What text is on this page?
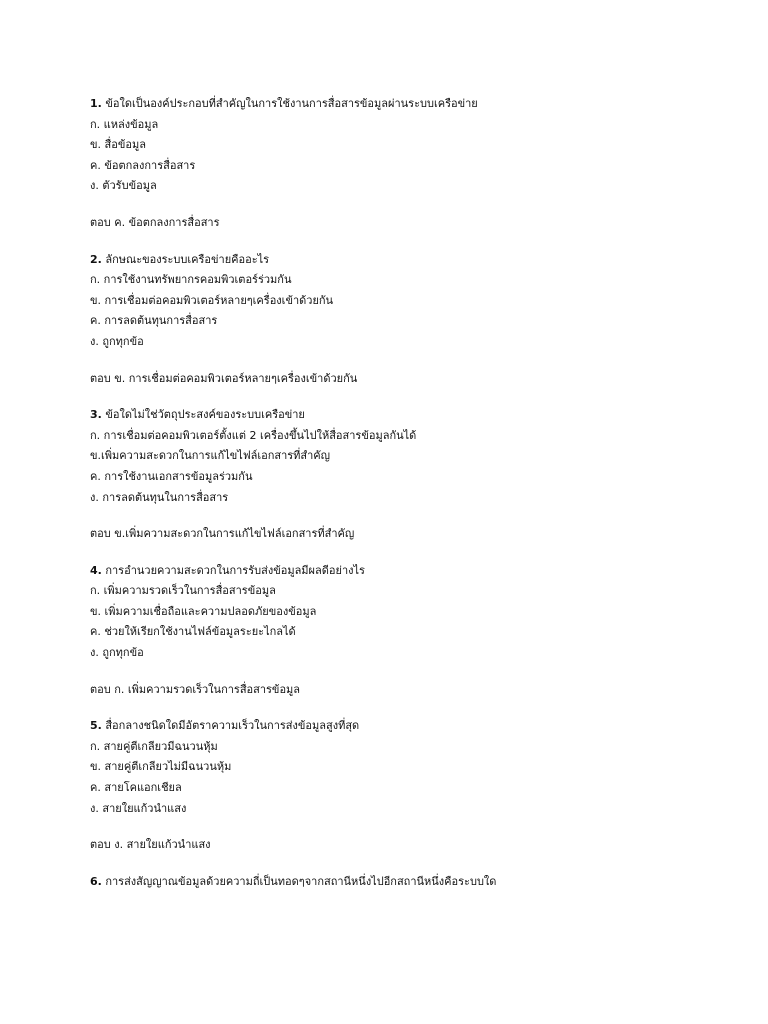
1. ข้อใดเป็นองค์ประกอบที่สำคัญในการใช้งานการสื่อสารข้อมูลผ่านระบบเครือข่าย
ก. แหล่งข้อมูล
ข. สื่อข้อมูล
ค. ข้อตกลงการสื่อสาร
ง. ตัวรับข้อมูล
ตอบ ค. ข้อตกลงการสื่อสาร
2. ลักษณะของระบบเครือข่ายคืออะไร
ก. การใช้งานทรัพยากรคอมพิวเตอร์ร่วมกัน
ข. การเชื่อมต่อคอมพิวเตอร์หลายๆเครื่องเข้าด้วยกัน
ค. การลดต้นทุนการสื่อสาร
ง. ถูกทุกข้อ
ตอบ ข. การเชื่อมต่อคอมพิวเตอร์หลายๆเครื่องเข้าด้วยกัน
3. ข้อใดไม่ใช่วัตถุประสงค์ของระบบเครือข่าย
ก. การเชื่อมต่อคอมพิวเตอร์ตั้งแต่ 2 เครื่องขึ้นไปให้สื่อสารข้อมูลกันได้
ข.เพิ่มความสะดวกในการแก้ไขไฟล์เอกสารที่สำคัญ
ค. การใช้งานเอกสารข้อมูลร่วมกัน
ง. การลดต้นทุนในการสื่อสาร
ตอบ ข.เพิ่มความสะดวกในการแก้ไขไฟล์เอกสารที่สำคัญ
4. การอำนวยความสะดวกในการรับส่งข้อมูลมีผลดีอย่างไร
ก. เพิ่มความรวดเร็วในการสื่อสารข้อมูล
ข. เพิ่มความเชื่อถือและความปลอดภัยของข้อมูล
ค. ช่วยให้เรียกใช้งานไฟล์ข้อมูลระยะไกลได้
ง. ถูกทุกข้อ
ตอบ ก. เพิ่มความรวดเร็วในการสื่อสารข้อมูล
5. สื่อกลางชนิดใดมีอัตราความเร็วในการส่งข้อมูลสูงที่สุด
ก. สายคู่ตีเกลียวมีฉนวนหุ้ม
ข. สายคู่ตีเกลียวไม่มีฉนวนหุ้ม
ค. สายโคแอกเชียล
ง. สายใยแก้วนำแสง
ตอบ ง. สายใยแก้วนำแสง
6. การส่งสัญญาณข้อมูลด้วยความถี่เป็นทอดๆจากสถานีหนึ่งไปอีกสถานีหนึ่งคือระบบใด
